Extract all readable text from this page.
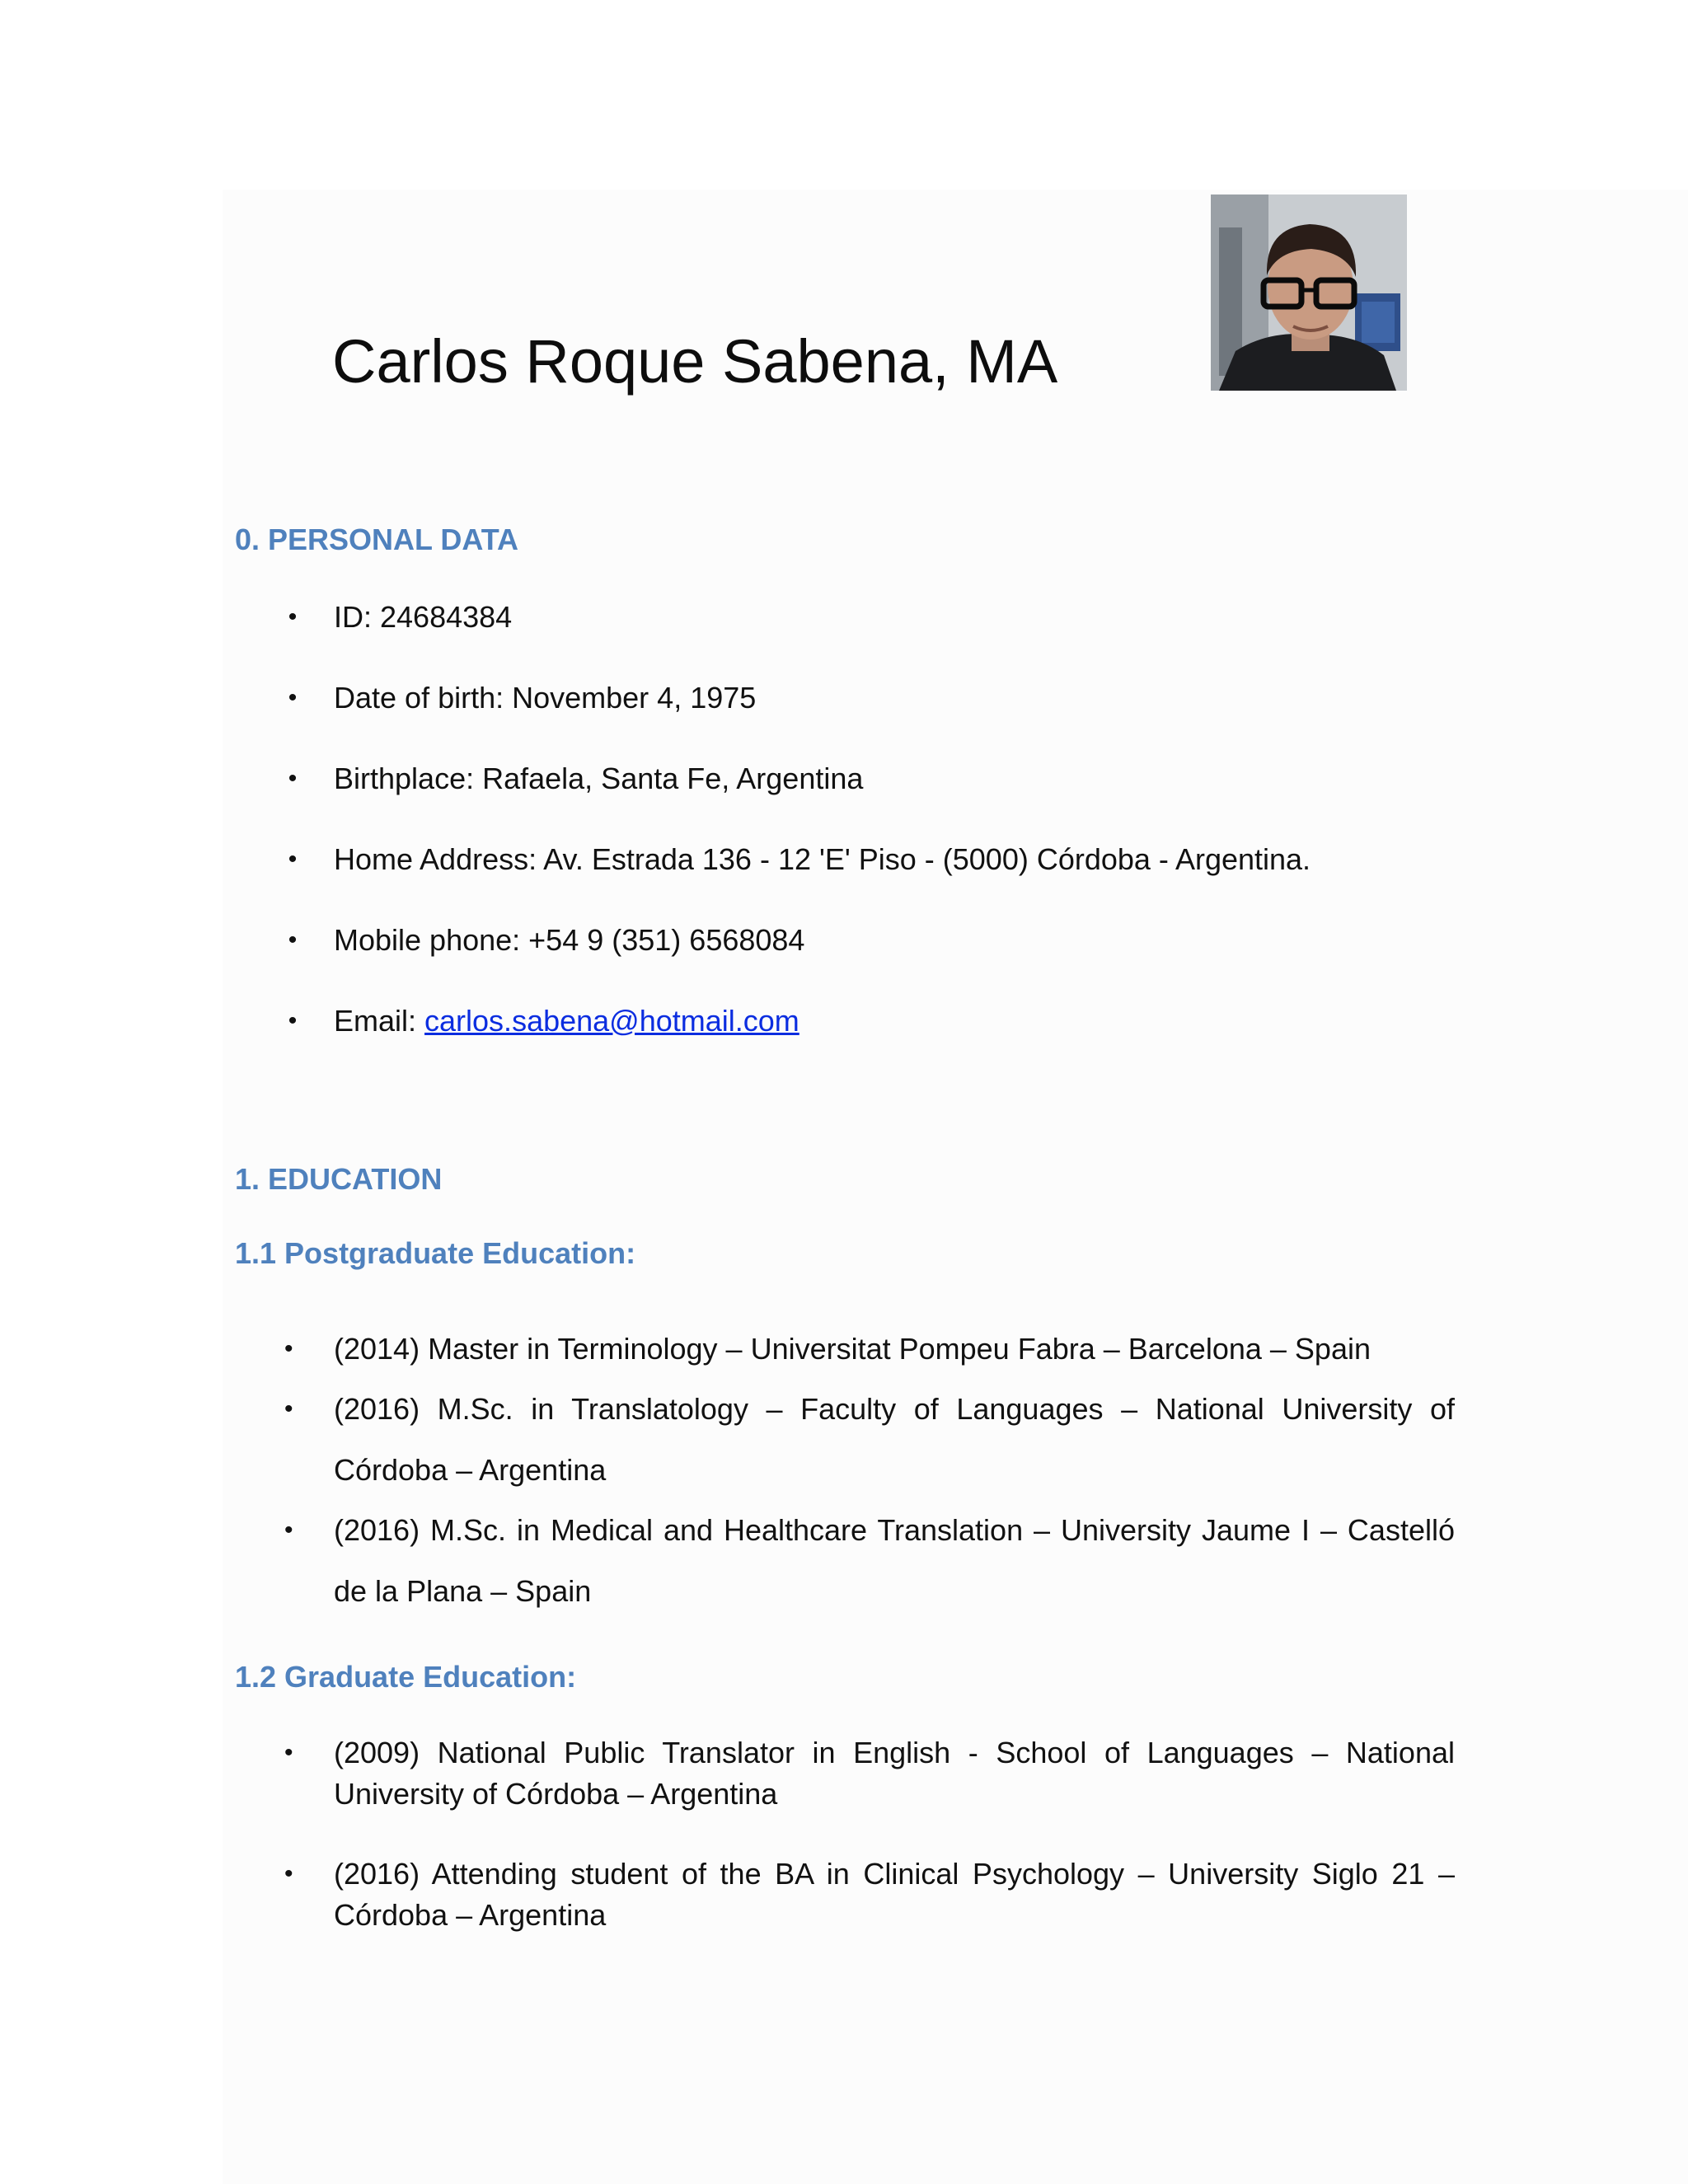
Carlos Roque Sabena, MA
0. PERSONAL DATA
• ID: 24684384
• Date of birth: November 4, 1975
• Birthplace: Rafaela, Santa Fe, Argentina
• Home Address: Av. Estrada 136 - 12 'E' Piso - (5000) Córdoba - Argentina.
• Mobile phone: +54 9 (351) 6568084
• Email: carlos.sabena@hotmail.com
1. EDUCATION
1.1 Postgraduate Education:
• (2014) Master in Terminology – Universitat Pompeu Fabra – Barcelona – Spain
• (2016) M.Sc. in Translatology – Faculty of Languages – National University of Córdoba – Argentina
• (2016) M.Sc. in Medical and Healthcare Translation – University Jaume I – Castelló de la Plana – Spain
1.2 Graduate Education:
• (2009) National Public Translator in English - School of Languages – National University of Córdoba – Argentina
• (2016) Attending student of the BA in Clinical Psychology – University Siglo 21 – Córdoba – Argentina
